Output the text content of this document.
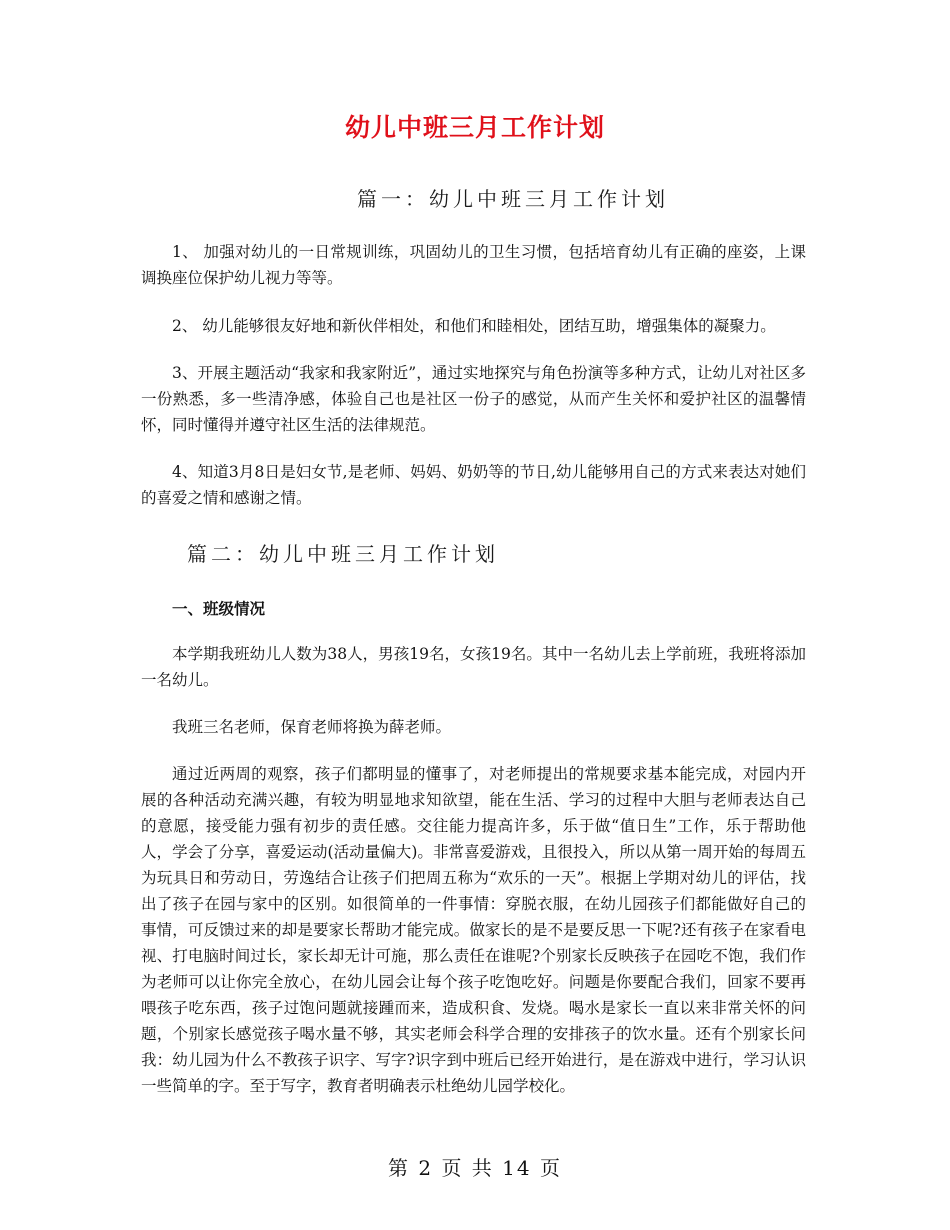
幼儿中班三月工作计划
篇一：幼儿中班三月工作计划

1、 加强对幼儿的一日常规训练，巩固幼儿的卫生习惯，包括培育幼儿有正确的座姿，上课调换座位保护幼儿视力等等。

2、 幼儿能够很友好地和新伙伴相处，和他们和睦相处，团结互助，增强集体的凝聚力。

3、开展主题活动“我家和我家附近”，通过实地探究与角色扮演等多种方式，让幼儿对社区多一份熟悉，多一些清净感，体验自己也是社区一份子的感觉，从而产生关怀和爱护社区的温馨情怀，同时懂得并遵守社区生活的法律规范。

4、知道3月8日是妇女节,是老师、妈妈、奶奶等的节日,幼儿能够用自己的方式来表达对她们的喜爱之情和感谢之情。

篇二：幼儿中班三月工作计划
一、班级情况

本学期我班幼儿人数为38人，男孩19名，女孩19名。其中一名幼儿去上学前班，我班将添加一名幼儿。

我班三名老师，保育老师将换为薛老师。

通过近两周的观察，孩子们都明显的懂事了，对老师提出的常规要求基本能完成，对园内开展的各种活动充满兴趣，有较为明显地求知欲望，能在生活、学习的过程中大胆与老师表达自己的意愿，接受能力强有初步的责任感。交往能力提高许多，乐于做“值日生”工作，乐于帮助他人，学会了分享，喜爱运动(活动量偏大)。非常喜爱游戏，且很投入，所以从第一周开始的每周五为玩具日和劳动日，劳逸结合让孩子们把周五称为“欢乐的一天”。根据上学期对幼儿的评估，找出了孩子在园与家中的区别。如很简单的一件事情：穿脱衣服，在幼儿园孩子们都能做好自己的事情，可反馈过来的却是要家长帮助才能完成。做家长的是不是要反思一下呢?还有孩子在家看电视、打电脑时间过长，家长却无计可施，那么责任在谁呢?个别家长反映孩子在园吃不饱，我们作为老师可以让你完全放心，在幼儿园会让每个孩子吃饱吃好。问题是你要配合我们，回家不要再喂孩子吃东西，孩子过饱问题就接踵而来，造成积食、发烧。喝水是家长一直以来非常关怀的问题，个别家长感觉孩子喝水量不够，其实老师会科学合理的安排孩子的饮水量。还有个别家长问我：幼儿园为什么不教孩子识字、写字?识字到中班后已经开始进行，是在游戏中进行，学习认识一些简单的字。至于写字，教育者明确表示杜绝幼儿园学校化。

第 2 页 共 14 页
